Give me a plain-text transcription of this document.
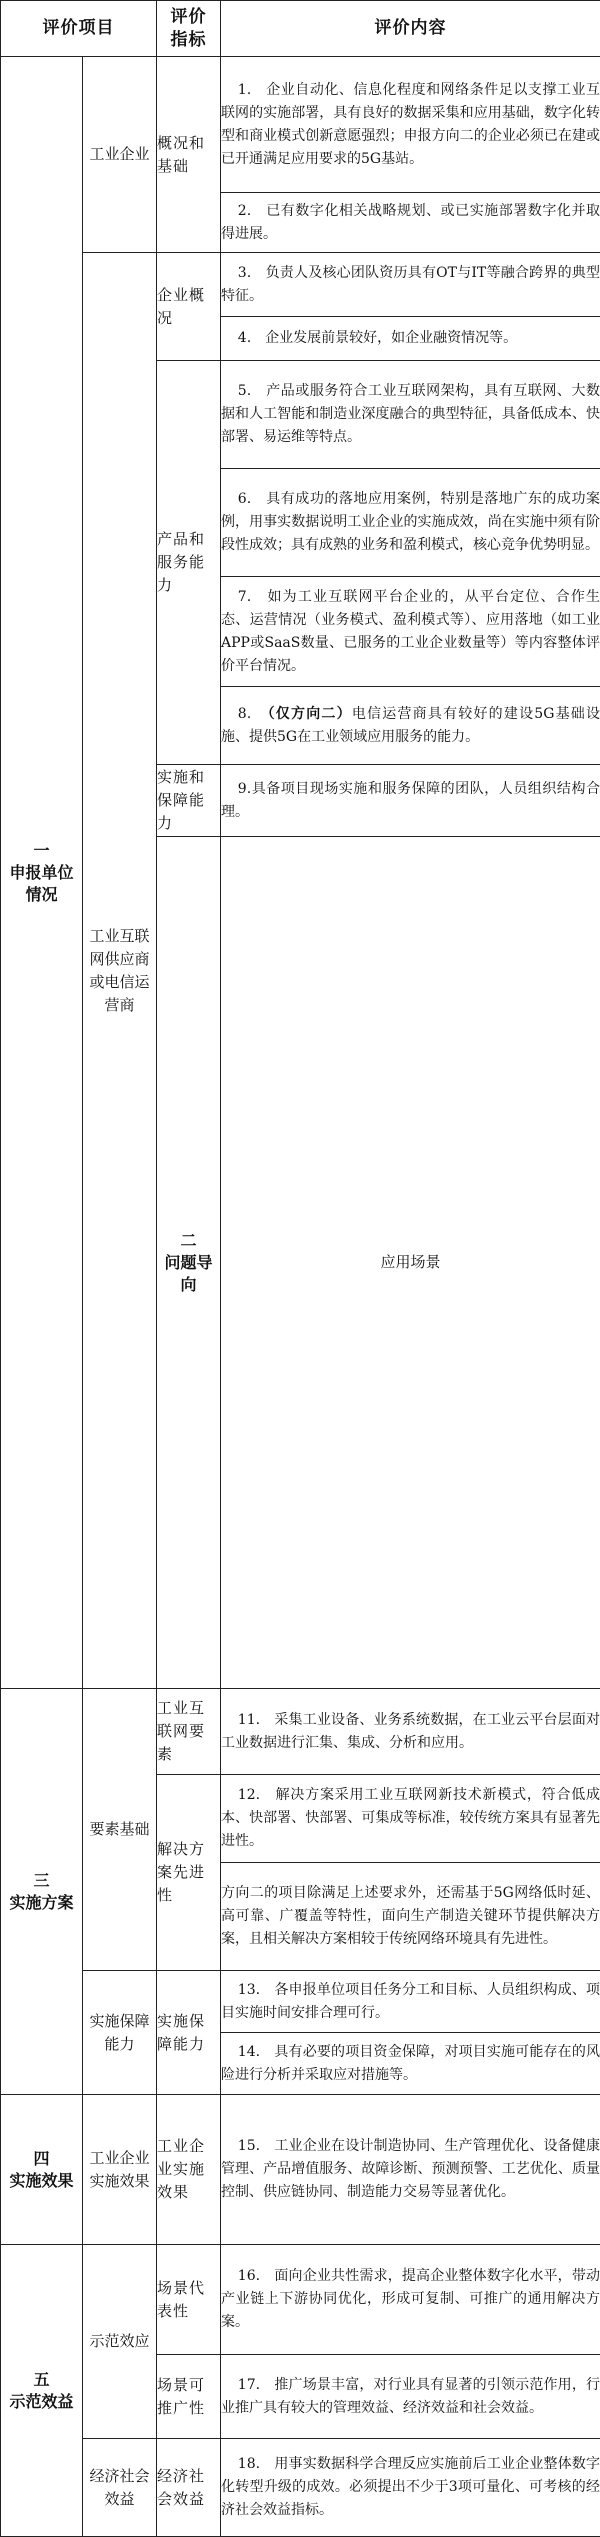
评价项目		评价指标	评价内容	

一
申报单位情况	工业企业	概况和基础	1.　企业自动化、信息化程度和网络条件足以支撑工业互联网的实施部署，具有良好的数据采集和应用基础，数字化转型和商业模式创新意愿强烈；申报方向二的企业必须已在建或已开通满足应用要求的5G基站。	

			2.　已有数字化相关战略规划、或已实施部署数字化并取得进展。	

	工业互联网供应商或电信运营商	企业概况	3.　负责人及核心团队资历具有OT与IT等融合跨界的典型特征。	

			4.　企业发展前景较好，如企业融资情况等。	

		产品和服务能力	5.　产品或服务符合工业互联网架构，具有互联网、大数据和人工智能和制造业深度融合的典型特征，具备低成本、快部署、易运维等特点。	

			6.　具有成功的落地应用案例，特别是落地广东的成功案例，用事实数据说明工业企业的实施成效，尚在实施中须有阶段性成效；具有成熟的业务和盈利模式，核心竞争优势明显。	

			7.　如为工业互联网平台企业的，从平台定位、合作生态、运营情况（业务模式、盈利模式等）、应用落地（如工业APP或SaaS数量、已服务的工业企业数量等）等内容整体评价平台情况。	

			8.　（仅方向二）电信运营商具有较好的建设5G基础设施、提供5G在工业领域应用服务的能力。	

		实施和保障能力	9.具备项目现场实施和服务保障的团队，人员组织结构合理。	

		二
问题导向	应用场景		

三
实施方案	要素基础	工业互联网要素	11.　采集工业设备、业务系统数据，在工业云平台层面对工业数据进行汇集、集成、分析和应用。	

		解决方案先进性	12.　解决方案采用工业互联网新技术新模式，符合低成本、快部署、快部署、可集成等标准，较传统方案具有显著先进性。	

			方向二的项目除满足上述要求外，还需基于5G网络低时延、高可靠、广覆盖等特性，面向生产制造关键环节提供解决方案，且相关解决方案相较于传统网络环境具有先进性。	

	实施保障能力	实施保障能力	13.　各申报单位项目任务分工和目标、人员组织构成、项目实施时间安排合理可行。	

			14.　具有必要的项目资金保障，对项目实施可能存在的风险进行分析并采取应对措施等。	

四
实施效果	工业企业实施效果	工业企业实施效果	15.　工业企业在设计制造协同、生产管理优化、设备健康管理、产品增值服务、故障诊断、预测预警、工艺优化、质量控制、供应链协同、制造能力交易等显著优化。	

五
示范效益	示范效应	场景代表性	16.　面向企业共性需求，提高企业整体数字化水平，带动产业链上下游协同优化，形成可复制、可推广的通用解决方案。	

		场景可推广性	17.　推广场景丰富，对行业具有显著的引领示范作用，行业推广具有较大的管理效益、经济效益和社会效益。	

	经济社会效益	经济社会效益	18.　用事实数据科学合理反应实施前后工业企业整体数字化转型升级的成效。必须提出不少于3项可量化、可考核的经济社会效益指标。	
